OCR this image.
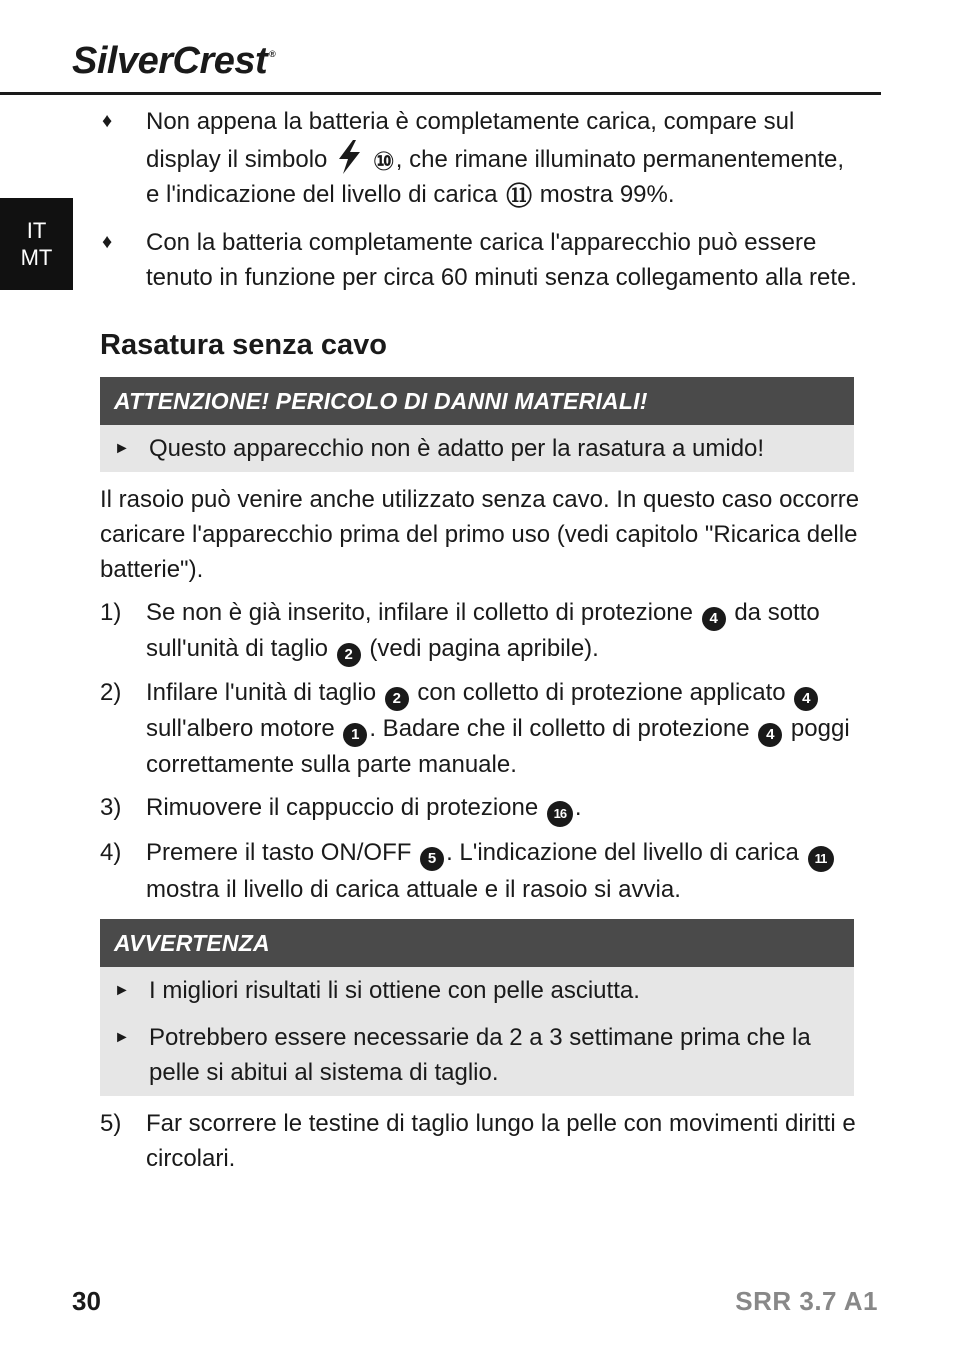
SilverCrest ®
IT
MT
♦ Non appena la batteria è completamente carica, compare sul display il simbolo ⑩, che rimane illuminato permanentemente, e l'indicazione del livello di carica ⑪ mostra 99%.
♦ Con la batteria completamente carica l'apparecchio può essere tenuto in funzione per circa 60 minuti senza collegamento alla rete.
Rasatura senza cavo
ATTENZIONE! PERICOLO DI DANNI MATERIALI!
► Questo apparecchio non è adatto per la rasatura a umido!
Il rasoio può venire anche utilizzato senza cavo. In questo caso occorre caricare l'apparecchio prima del primo uso (vedi capitolo "Ricarica delle batterie").
1) Se non è già inserito, infilare il colletto di protezione 4 da sotto sull'unità di taglio 2 (vedi pagina apribile).
2) Infilare l'unità di taglio 2 con colletto di protezione applicato 4 sull'albero motore 1 . Badare che il colletto di protezione 4 poggi correttamente sulla parte manuale.
3) Rimuovere il cappuccio di protezione 16 .
4) Premere il tasto ON/OFF 5 . L'indicazione del livello di carica 11 mostra il livello di carica attuale e il rasoio si avvia.
AVVERTENZA
► I migliori risultati li si ottiene con pelle asciutta.
► Potrebbero essere necessarie da 2 a 3 settimane prima che la pelle si abitui al sistema di taglio.
5) Far scorrere le testine di taglio lungo la pelle con movimenti diritti e circolari.
30	SRR 3.7 A1
